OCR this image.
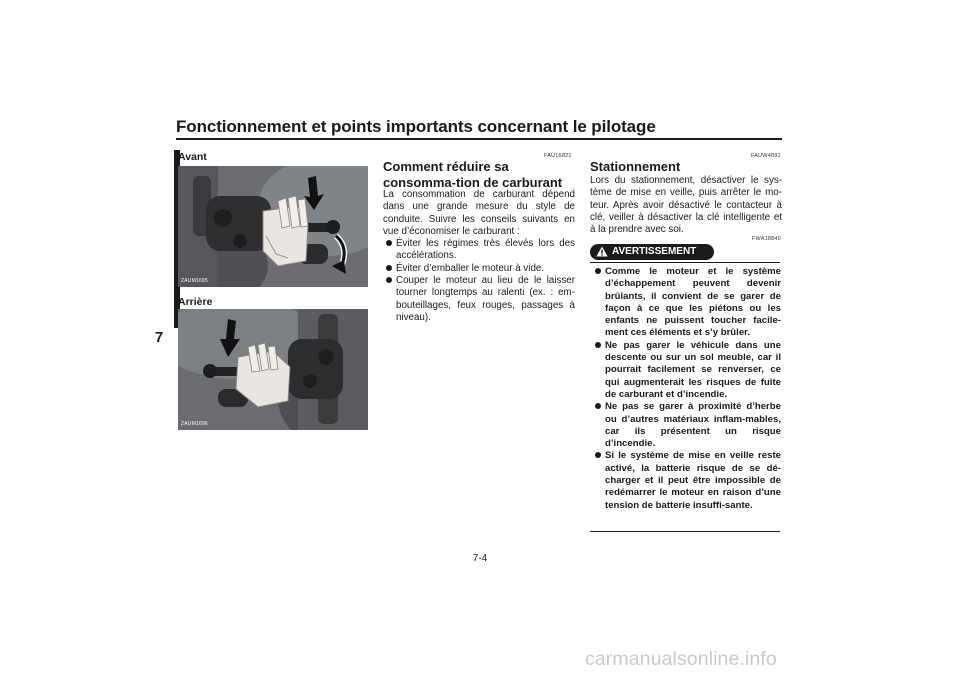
Fonctionnement et points importants concernant le pilotage
7
Avant
ZAUM1695
Arrière
ZAUM1696
FAU16821
Comment réduire sa consomma-tion de carburant

La consommation de carburant dépend dans une grande mesure du style de conduite. Suivre les conseils suivants en vue d’économiser le carburant :

Éviter les régimes très élevés lors des accélérations.
Éviter d’emballer le moteur à vide.
Couper le moteur au lieu de le laisser tourner longtemps au ralenti (ex. : em-bouteillages, feux rouges, passages à niveau).
FAUW4891
Stationnement
Lors du stationnement, désactiver le sys-tème de mise en veille, puis arrêter le mo-teur. Après avoir désactivé le contacteur à clé, veiller à désactiver la clé intelligente et à la prendre avec soi.
FWA18840
AVERTISSEMENT
Comme le moteur et le système d’échappement peuvent devenir brûlants, il convient de se garer de façon à ce que les piétons ou les enfants ne puissent toucher facile-ment ces éléments et s’y brûler.
Ne pas garer le véhicule dans une descente ou sur un sol meuble, car il pourrait facilement se renverser, ce qui augmenterait les risques de fuite de carburant et d’incendie.
Ne pas se garer à proximité d’herbe ou d’autres matériaux inflam-mables, car ils présentent un risque d’incendie.
Si le système de mise en veille reste activé, la batterie risque de se dé-charger et il peut être impossible de redémarrer le moteur en raison d’une tension de batterie insuffi-sante.
7-4
carmanualsonline.info
